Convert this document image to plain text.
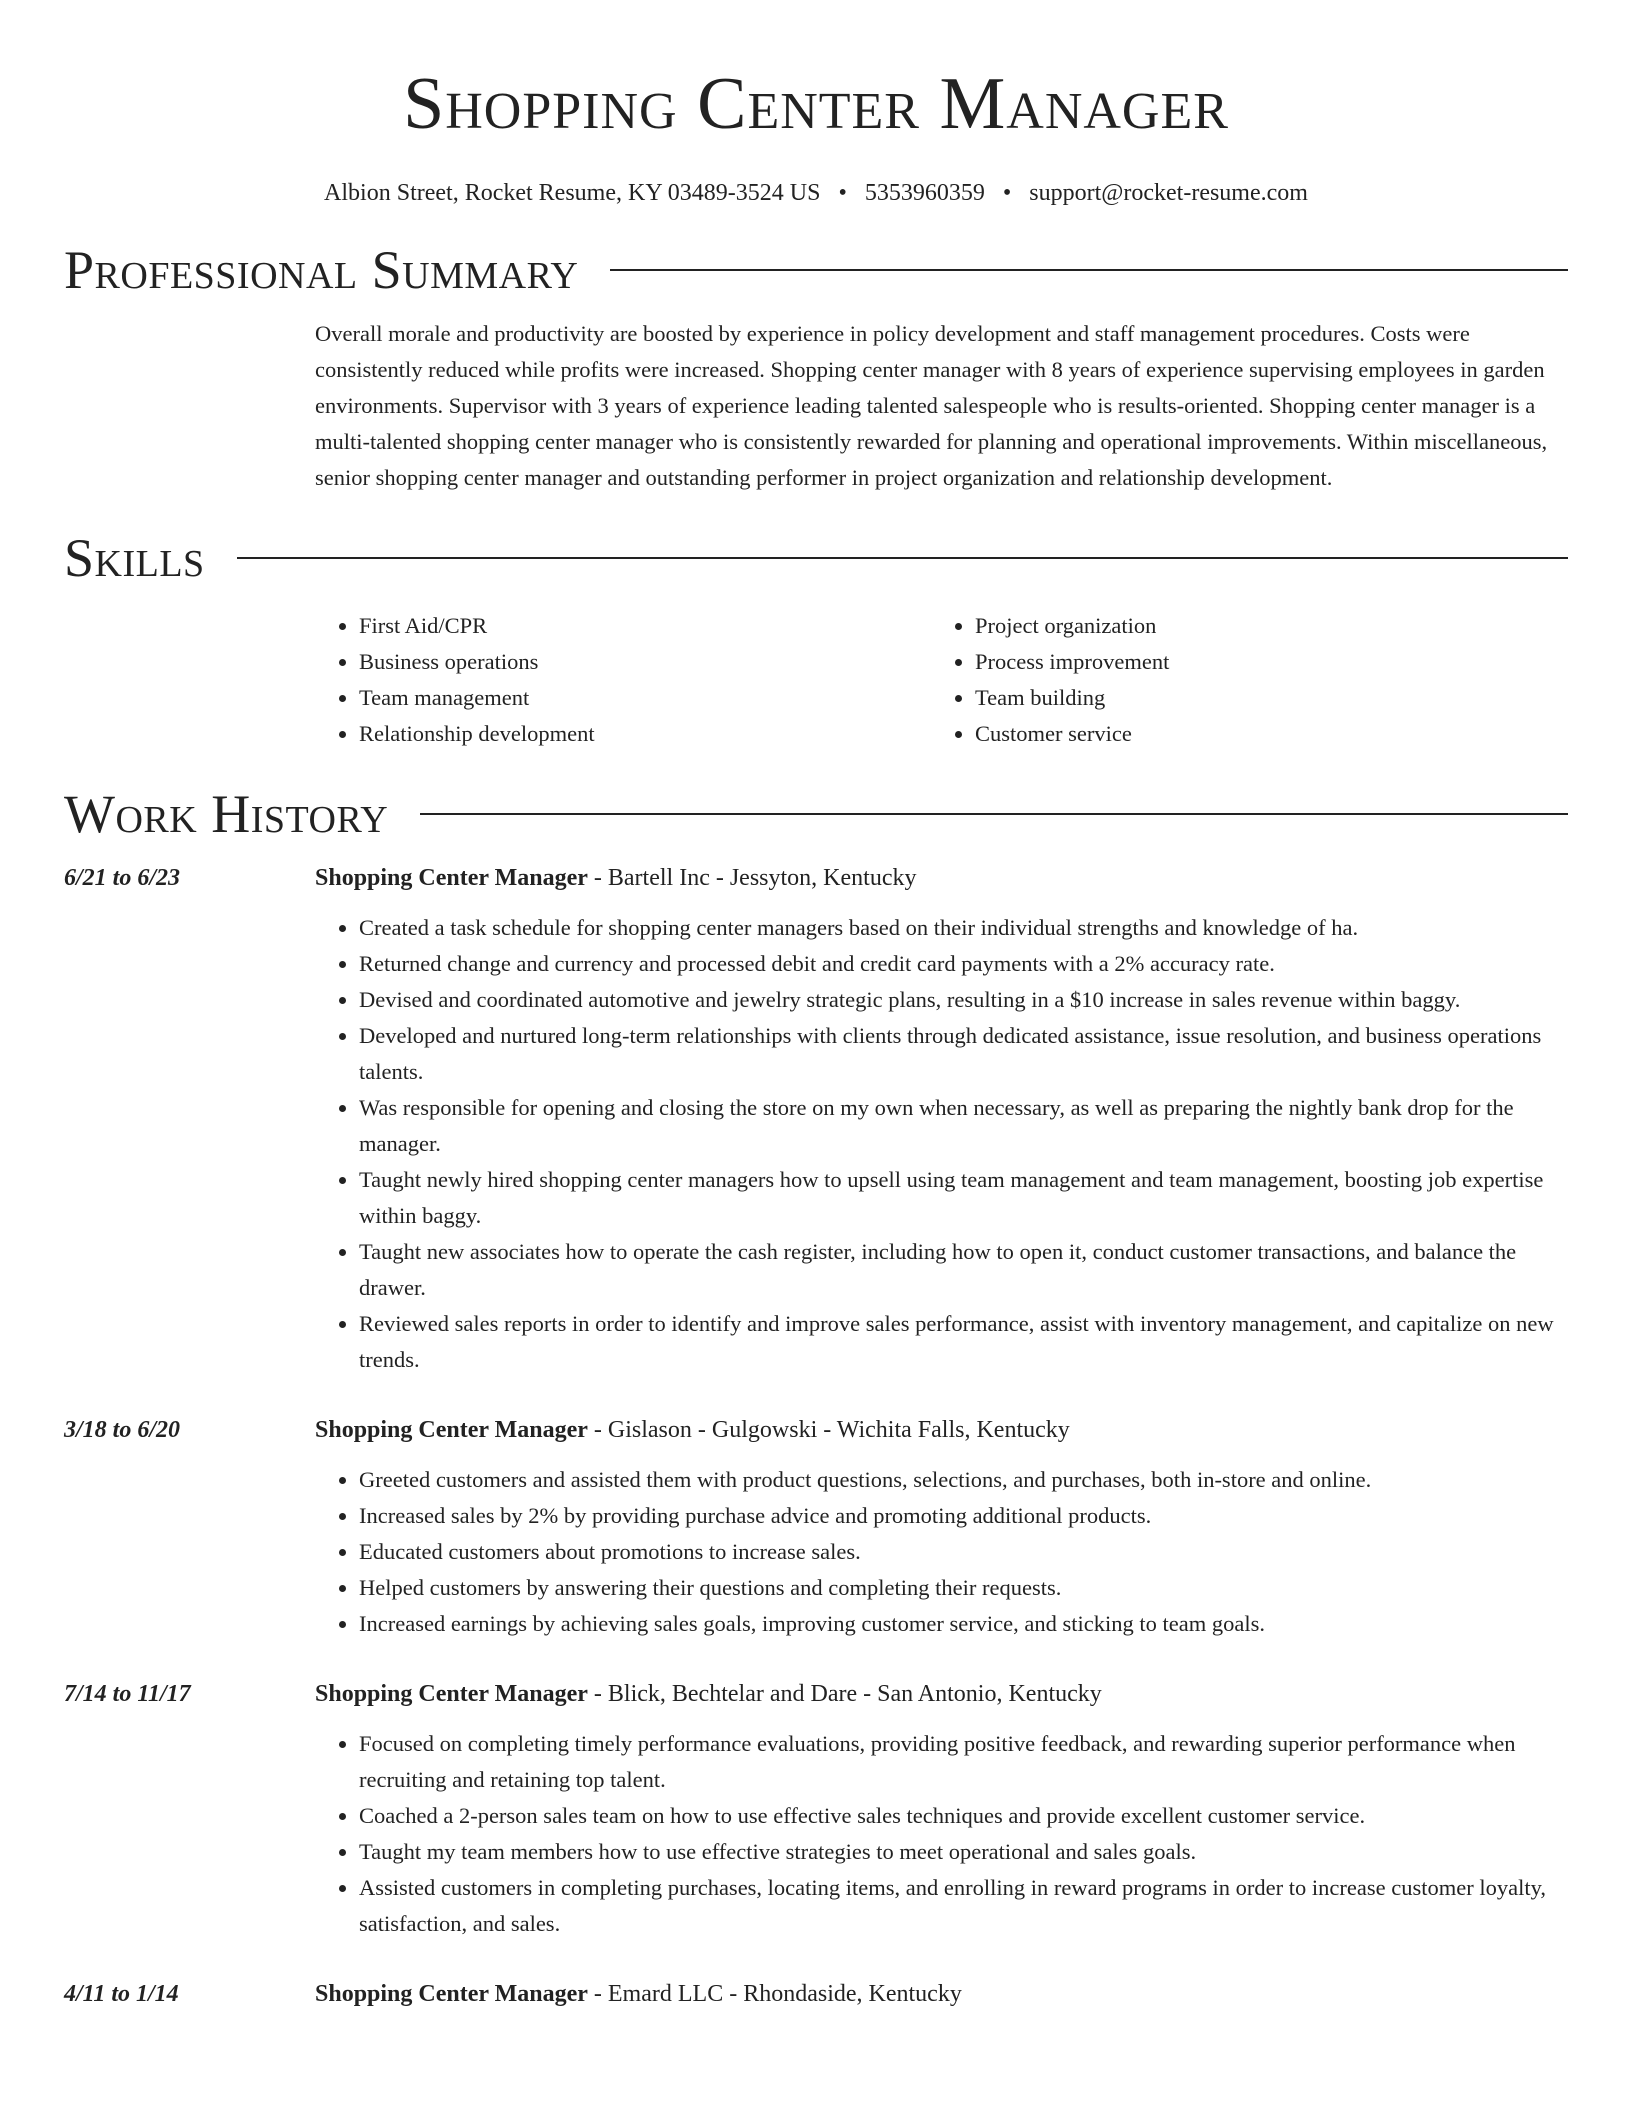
Shopping Center Manager
Albion Street, Rocket Resume, KY 03489-3524 US • 5353960359 • support@rocket-resume.com
Professional Summary
Overall morale and productivity are boosted by experience in policy development and staff management procedures. Costs were consistently reduced while profits were increased. Shopping center manager with 8 years of experience supervising employees in garden environments. Supervisor with 3 years of experience leading talented salespeople who is results-oriented. Shopping center manager is a multi-talented shopping center manager who is consistently rewarded for planning and operational improvements. Within miscellaneous, senior shopping center manager and outstanding performer in project organization and relationship development.
Skills
• First Aid/CPR
• Business operations
• Team management
• Relationship development
• Project organization
• Process improvement
• Team building
• Customer service
Work History
6/21 to 6/23	Shopping Center Manager - Bartell Inc - Jessyton, Kentucky
• Created a task schedule for shopping center managers based on their individual strengths and knowledge of ha.
• Returned change and currency and processed debit and credit card payments with a 2% accuracy rate.
• Devised and coordinated automotive and jewelry strategic plans, resulting in a $10 increase in sales revenue within baggy.
• Developed and nurtured long-term relationships with clients through dedicated assistance, issue resolution, and business operations talents.
• Was responsible for opening and closing the store on my own when necessary, as well as preparing the nightly bank drop for the manager.
• Taught newly hired shopping center managers how to upsell using team management and team management, boosting job expertise within baggy.
• Taught new associates how to operate the cash register, including how to open it, conduct customer transactions, and balance the drawer.
• Reviewed sales reports in order to identify and improve sales performance, assist with inventory management, and capitalize on new trends.
3/18 to 6/20	Shopping Center Manager - Gislason - Gulgowski - Wichita Falls, Kentucky
• Greeted customers and assisted them with product questions, selections, and purchases, both in-store and online.
• Increased sales by 2% by providing purchase advice and promoting additional products.
• Educated customers about promotions to increase sales.
• Helped customers by answering their questions and completing their requests.
• Increased earnings by achieving sales goals, improving customer service, and sticking to team goals.
7/14 to 11/17	Shopping Center Manager - Blick, Bechtelar and Dare - San Antonio, Kentucky
• Focused on completing timely performance evaluations, providing positive feedback, and rewarding superior performance when recruiting and retaining top talent.
• Coached a 2-person sales team on how to use effective sales techniques and provide excellent customer service.
• Taught my team members how to use effective strategies to meet operational and sales goals.
• Assisted customers in completing purchases, locating items, and enrolling in reward programs in order to increase customer loyalty, satisfaction, and sales.
4/11 to 1/14	Shopping Center Manager - Emard LLC - Rhondaside, Kentucky
